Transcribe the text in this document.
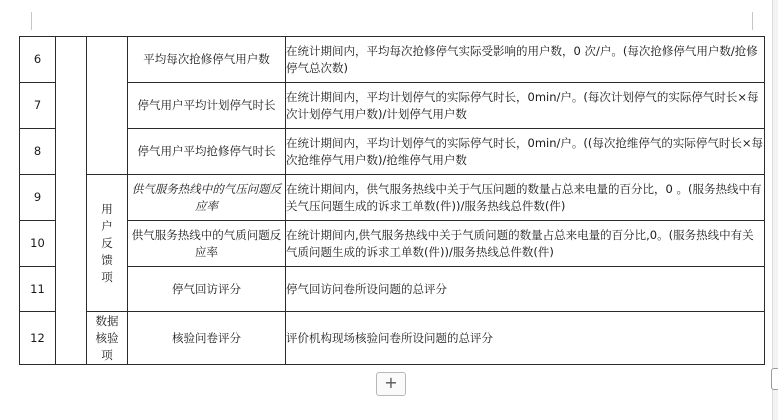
6			平均每次抢修停气用户数	在统计期间内，平均每次抢修停气实际受影响的用户数，0 次/户。(每次抢修停气用户数/抢修停气总次数)
7			停气用户平均计划停气时长	在统计期间内，平均计划停气的实际停气时长，0min/户。(每次计划停气的实际停气时长×每次计划停气用户数)/计划停气用户数
8			停气用户平均抢修停气时长	在统计期间内，平均计划停气的实际停气时长，0min/户。((每次抢维停气的实际停气时长×每次抢维停气用户数)/抢维停气用户数
9		用户反馈项	供气服务热线中的气压问题反应率	在统计期间内，供气服务热线中关于气压问题的数量占总来电量的百分比，0 。(服务热线中有关气压问题生成的诉求工单数(件))/服务热线总件数(件)
10			供气服务热线中的气质问题反应率	在统计期间内,供气服务热线中关于气质问题的数量占总来电量的百分比,0。(服务热线中有关气质问题生成的诉求工单数(件))/服务热线总件数(件)
11			停气回访评分	停气回访问卷所设问题的总评分
12		数据核验项	核验问卷评分	评价机构现场核验问卷所设问题的总评分
+
